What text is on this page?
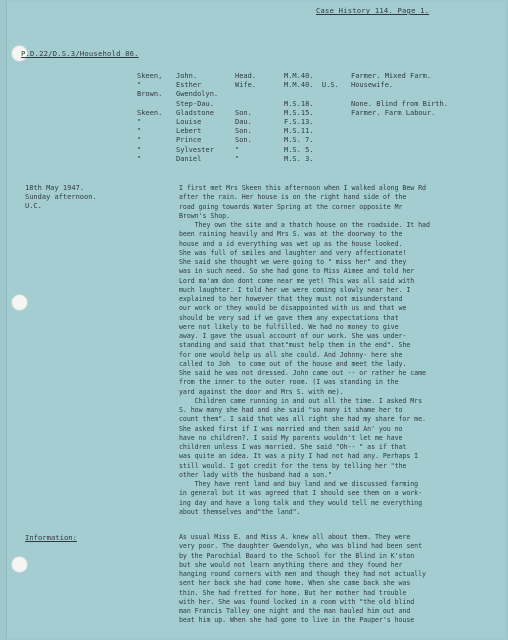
Case History 114. Page 1.
P.D.22/D.S.3/Household 86.
Skeen,	John.	Head.	M.M.40.	Farmer. Mixed Farm.
"	Esther	Wife.	M.M.40.  U.S.	Housewife.
Brown.	Gwendolyn.			
	Step-Dau.		M.S.18.	None. Blind from Birth.
Skeen.	Gladstone	Son.	M.S.15.	Farmer. Farm Labour.
"	Louise	Dau.	F.S.13.	
"	Lebert	Son.	M.S.11.	
"	Prince	Son.	M.S. 7.	
"	Sylvester	"	M.S. 5.	
"	Daniel	"	M.S. 3.	
18th May 1947.
Sunday afternoon.
U.C.
I first met Mrs Skeen this afternoon when I walked along Bew Rd
after the rain. Her house is on the right hand side of the
road going towards Water Spring at the corner opposite Mr
Brown's Shop.
They own the site and a thatch house on the roadside. It had
been raining heavily and Mrs S. was at the doorway to the
house and a id everything was wet up as the house looked.
She was full of smiles and laughter and very affectionate!
She said she thought we were going to " miss her" and they
was in such need. So she had gone to Miss Aimee and told her
Lord ma'am don dont come near me yet! This was all said with
much laughter. I told her we were coming slowly near her. I
explained to her however that they must not misunderstand
our work or they would be disappointed with us and that we
should be very sad if we gave them any expectations that
were not likely to be fulfilled. We had no money to give
away. I gave the usual account of our work. She was under-
standing and said that that"must help them in the end". She
for one would help us all she could. And Johnny- here she
called to Joh  to come out of the house and meet the lady.
She said he was not dressed. John came out -- or rather he came
from the inner to the outer room. (I was standing in the
yard against the door and Mrs S. with me).
Children came running in and out all the time. I asked Mrs
S. how many she had and she said "so many it shame her to
count them". I said that was all right she had my share for me.
She asked first if I was married and then said An' you no
have no children?. I said My parents wouldn't let me have
children unless I was married. She said "Oh-- " as if that
was quite an idea. It was a pity I had not had any. Perhaps I
still would. I got credit for the tens by telling her "the
other lady with the husband had a son."
They have rent land and buy land and we discussed farming
in general but it was agreed that I should see them on a work-
ing day and have a long talk and they would tell me everything
about themselves and"the land".
Information:	As usual Miss E. and Miss A. knew all about them. They were
very poor. The daughter Gwendolyn, who was blind had been sent
by the Parochial Board to the School for the Blind in K'ston
but she would not learn anything there and they found her
hanging round corners with men and though they had not actually
sent her back she had come home. When she came back she was
thin. She had fretted for home. But her mother had trouble
with her. She was found locked in a room with "the old blind
man Francis Talley one night and the man hauled him out and
beat him up. When she had gone to live in the Pauper's house
